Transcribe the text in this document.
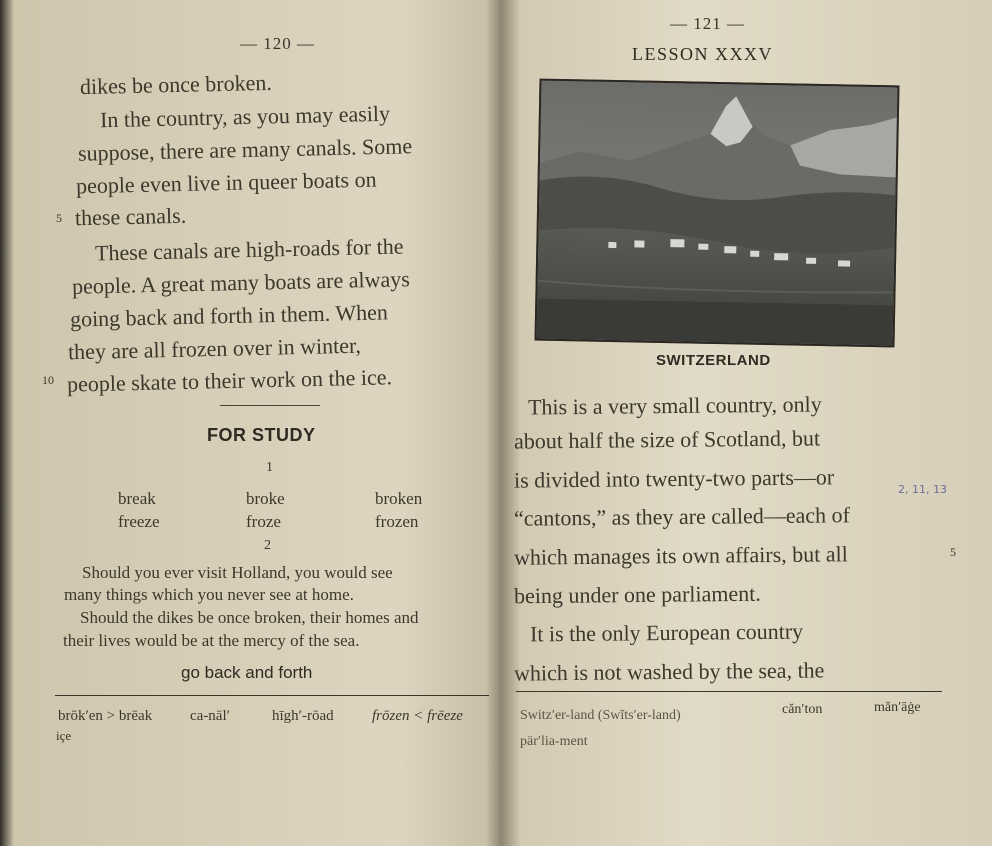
— 120 —
dikes be once broken.
In the country, as you may easily
suppose, there are many canals. Some
people even live in queer boats on
5 these canals.
These canals are high-roads for the
people. A great many boats are always
going back and forth in them. When
they are all frozen over in winter,
10 people skate to their work on the ice.
FOR STUDY
1
break	broke	broken
freeze	froze	frozen
2
Should you ever visit Holland, you would see
many things which you never see at home.
Should the dikes be once broken, their homes and
their lives would be at the mercy of the sea.
go back and forth
brōk′en > brēak	ca-nāl′	hīgh′-rōad	frōzen < frēeze
içe
— 121 —
LESSON XXXV
SWITZERLAND
This is a very small country, only
about half the size of Scotland, but
2, 11, 13
is divided into twenty-two parts—or
“cantons,” as they are called—each of
which manages its own affairs, but all	5
being under one parliament.
It is the only European country
which is not washed by the sea, the
Switz′er-land (Swĭts′er-land)	căn′ton	măn′āġe
pär′lia-ment
